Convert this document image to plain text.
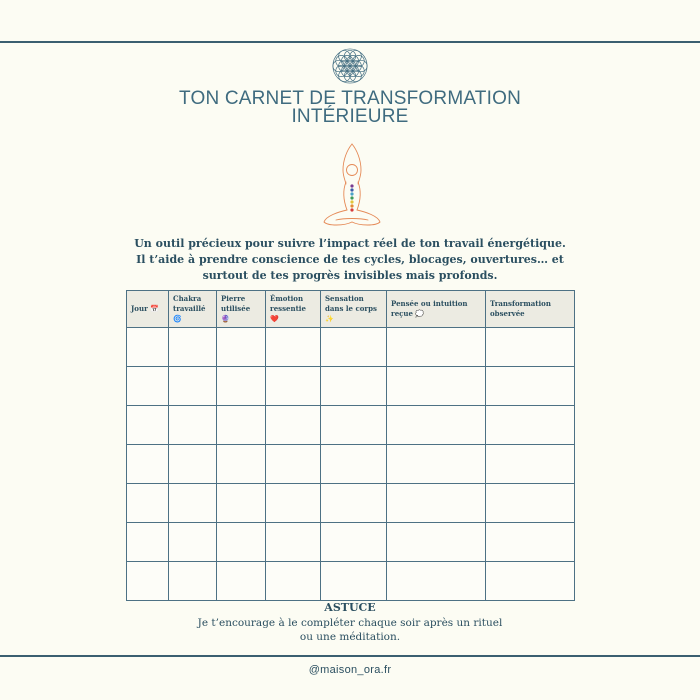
TON CARNET DE TRANSFORMATION
INTÉRIEURE
Un outil précieux pour suivre l’impact réel de ton travail énergétique.
Il t’aide à prendre conscience de tes cycles, blocages, ouvertures… et
surtout de tes progrès invisibles mais profonds.
Jour 📅	Chakra travaillé 🌀	Pierre utilisée 🔮	Émotion ressentie ❤️	Sensation dans le corps ✨	Pensée ou intuition reçue 💭	Transformation observée

ASTUCE
Je t’encourage à le compléter chaque soir après un rituel ou une méditation.
@maison_ora.fr
